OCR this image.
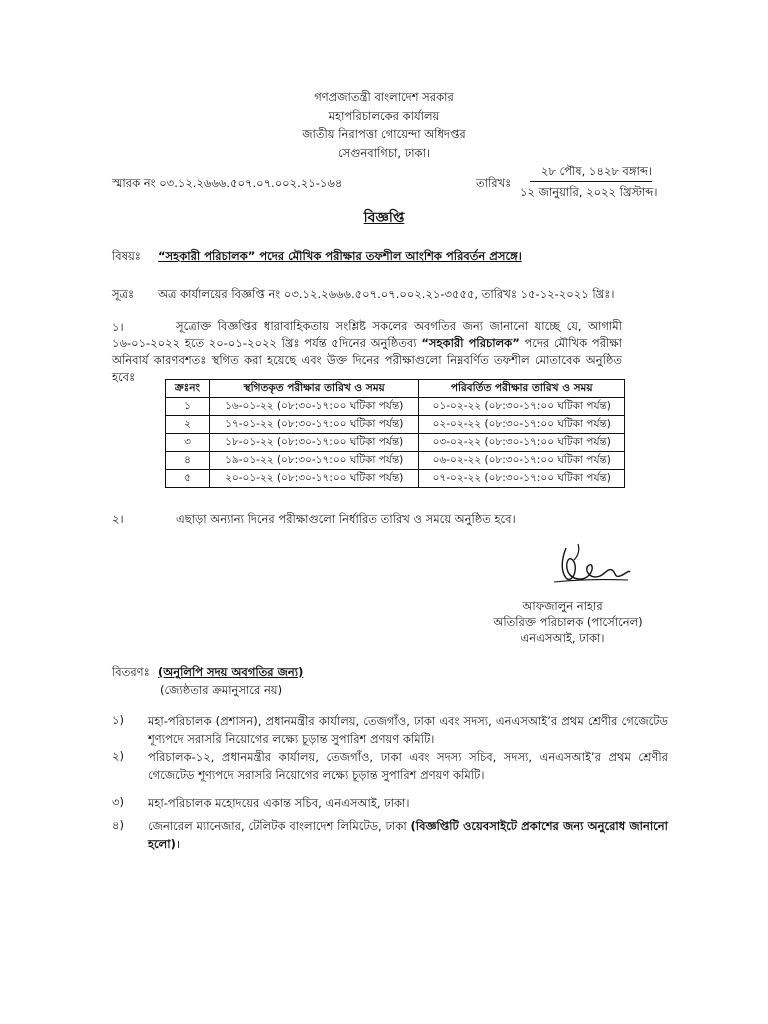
গণপ্রজাতন্ত্রী বাংলাদেশ সরকার
মহাপরিচালকের কার্যালয়
জাতীয় নিরাপত্তা গোয়েন্দা অধিদপ্তর
সেগুনবাগিচা, ঢাকা।
স্মারক নং ০৩.১২.২৬৬৬.৫০৭.০৭.০০২.২১-১৬৪	তারিখঃ
২৮ পৌষ, ১৪২৮ বঙ্গাব্দ।
১২ জানুয়ারি, ২০২২ খ্রিস্টাব্দ।
বিজ্ঞপ্তি
বিষয়ঃ “সহকারী পরিচালক” পদের মৌখিক পরীক্ষার তফশীল আংশিক পরিবর্তন প্রসঙ্গে।
সূত্রঃ অত্র কার্যালয়ের বিজ্ঞপ্তি নং ০৩.১২.২৬৬৬.৫০৭.০৭.০০২.২১-৩৫৫৫, তারিখঃ ১৫-১২-২০২১ খ্রিঃ।
১।	সূত্রোক্ত বিজ্ঞপ্তির ধারাবাহিকতায় সংশ্লিষ্ট সকলের অবগতির জন্য জানানো যাচ্ছে যে, আগামী ১৬-০১-২০২২ হতে ২০-০১-২০২২ খ্রিঃ পর্যন্ত ৫দিনের অনুষ্ঠিতব্য “সহকারী পরিচালক” পদের মৌখিক পরীক্ষা অনিবার্য কারণবশতঃ স্থগিত করা হয়েছে এবং উক্ত দিনের পরীক্ষাগুলো নিম্নবর্ণিত তফশীল মোতাবেক অনুষ্ঠিত হবেঃ
ক্রঃনং	স্থগিতকৃত পরীক্ষার তারিখ ও সময়	পরিবর্তিত পরীক্ষার তারিখ ও সময়
১	১৬-০১-২২ (০৮:৩০-১৭:০০ ঘটিকা পর্যন্ত)	০১-০২-২২ (০৮:৩০-১৭:০০ ঘটিকা পর্যন্ত)
২	১৭-০১-২২ (০৮:৩০-১৭:০০ ঘটিকা পর্যন্ত)	০২-০২-২২ (০৮:৩০-১৭:০০ ঘটিকা পর্যন্ত)
৩	১৮-০১-২২ (০৮:৩০-১৭:০০ ঘটিকা পর্যন্ত)	০৩-০২-২২ (০৮:৩০-১৭:০০ ঘটিকা পর্যন্ত)
৪	১৯-০১-২২ (০৮:৩০-১৭:০০ ঘটিকা পর্যন্ত)	০৬-০২-২২ (০৮:৩০-১৭:০০ ঘটিকা পর্যন্ত)
৫	২০-০১-২২ (০৮:৩০-১৭:০০ ঘটিকা পর্যন্ত)	০৭-০২-২২ (০৮:৩০-১৭:০০ ঘটিকা পর্যন্ত)
২।	এছাড়া অন্যান্য দিনের পরীক্ষাগুলো নির্ধারিত তারিখ ও সময়ে অনুষ্ঠিত হবে।
আফজালুন নাহার
অতিরিক্ত পরিচালক (পার্সোনেল)
এনএসআই, ঢাকা।
বিতরণঃ (অনুলিপি সদয় অবগতির জন্য)
(জ্যেষ্ঠতার ক্রমানুসারে নয়)
১) মহা-পরিচালক (প্রশাসন), প্রধানমন্ত্রীর কার্যালয়, তেজগাঁও, ঢাকা এবং সদস্য, এনএসআই’র প্রথম শ্রেণীর গেজেটেড শূণ্যপদে সরাসরি নিয়োগের লক্ষ্যে চূড়ান্ত সুপারিশ প্রণয়ণ কমিটি।
২) পরিচালক-১২, প্রধানমন্ত্রীর কার্যালয়, তেজগাঁও, ঢাকা এবং সদস্য সচিব, সদস্য, এনএসআই’র প্রথম শ্রেণীর গেজেটেড শূণ্যপদে সরাসরি নিয়োগের লক্ষ্যে চূড়ান্ত সুপারিশ প্রণয়ণ কমিটি।
৩) মহা-পরিচালক মহোদয়ের একান্ত সচিব, এনএসআই, ঢাকা।
৪) জেনারেল ম্যানেজার, টেলিটক বাংলাদেশ লিমিটেড, ঢাকা (বিজ্ঞপ্তিটি ওয়েবসাইটে প্রকাশের জন্য অনুরোধ জানানো হলো)।
